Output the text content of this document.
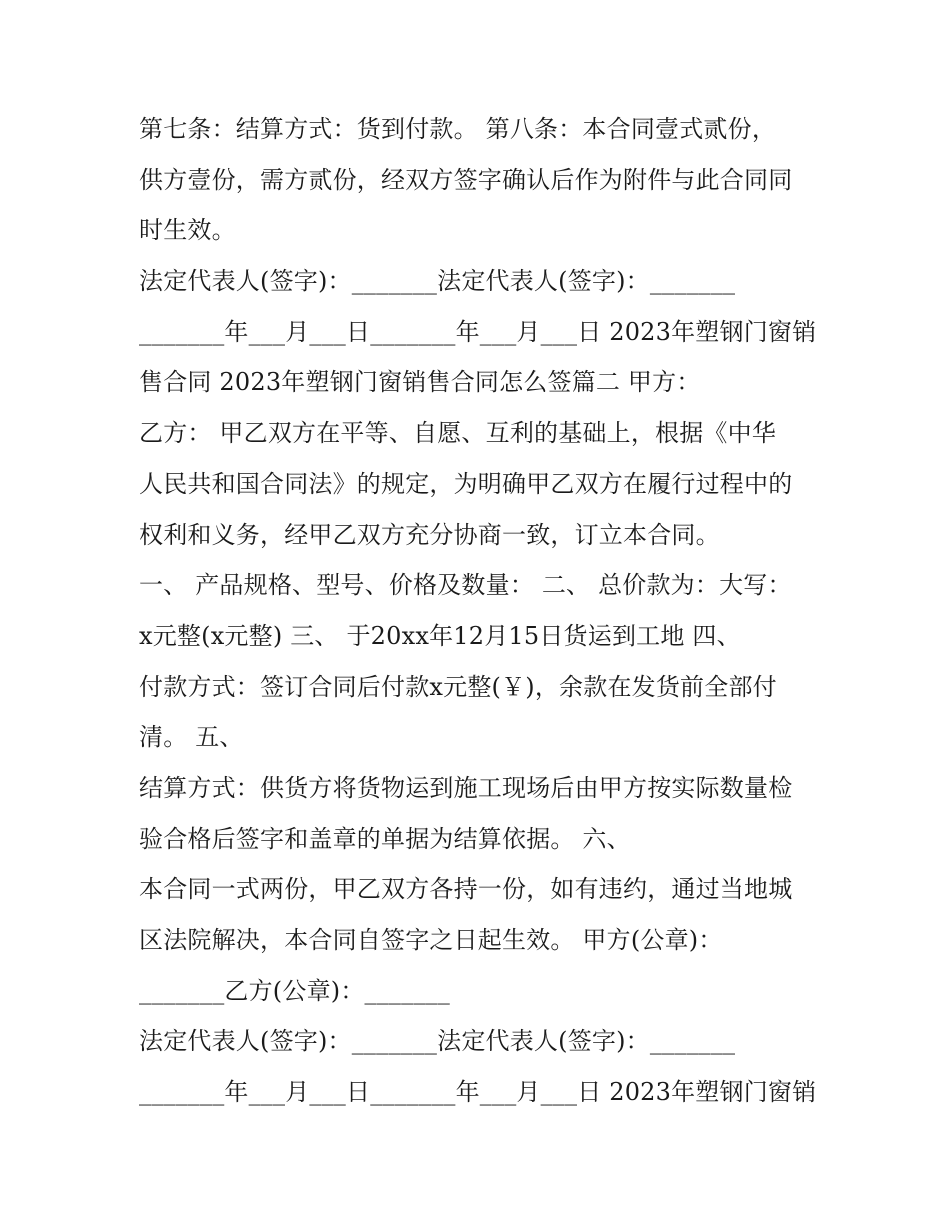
第七条：结算方式：货到付款。 第八条：本合同壹式贰份，
供方壹份，需方贰份，经双方签字确认后作为附件与此合同同
时生效。
法定代表人(签字)：_______法定代表人(签字)：_______
_______年___月___日_______年___月___日 2023年塑钢门窗销
售合同 2023年塑钢门窗销售合同怎么签篇二 甲方：
乙方： 甲乙双方在平等、自愿、互利的基础上，根据《中华
人民共和国合同法》的规定，为明确甲乙双方在履行过程中的
权利和义务，经甲乙双方充分协商一致，订立本合同。
一、 产品规格、型号、价格及数量： 二、 总价款为：大写：
x元整(x元整) 三、 于20xx年12月15日货运到工地 四、
付款方式：签订合同后付款x元整(￥)，余款在发货前全部付
清。 五、
结算方式：供货方将货物运到施工现场后由甲方按实际数量检
验合格后签字和盖章的单据为结算依据。 六、
本合同一式两份，甲乙双方各持一份，如有违约，通过当地城
区法院解决，本合同自签字之日起生效。 甲方(公章)：
_______乙方(公章)：_______
法定代表人(签字)：_______法定代表人(签字)：_______
_______年___月___日_______年___月___日 2023年塑钢门窗销
